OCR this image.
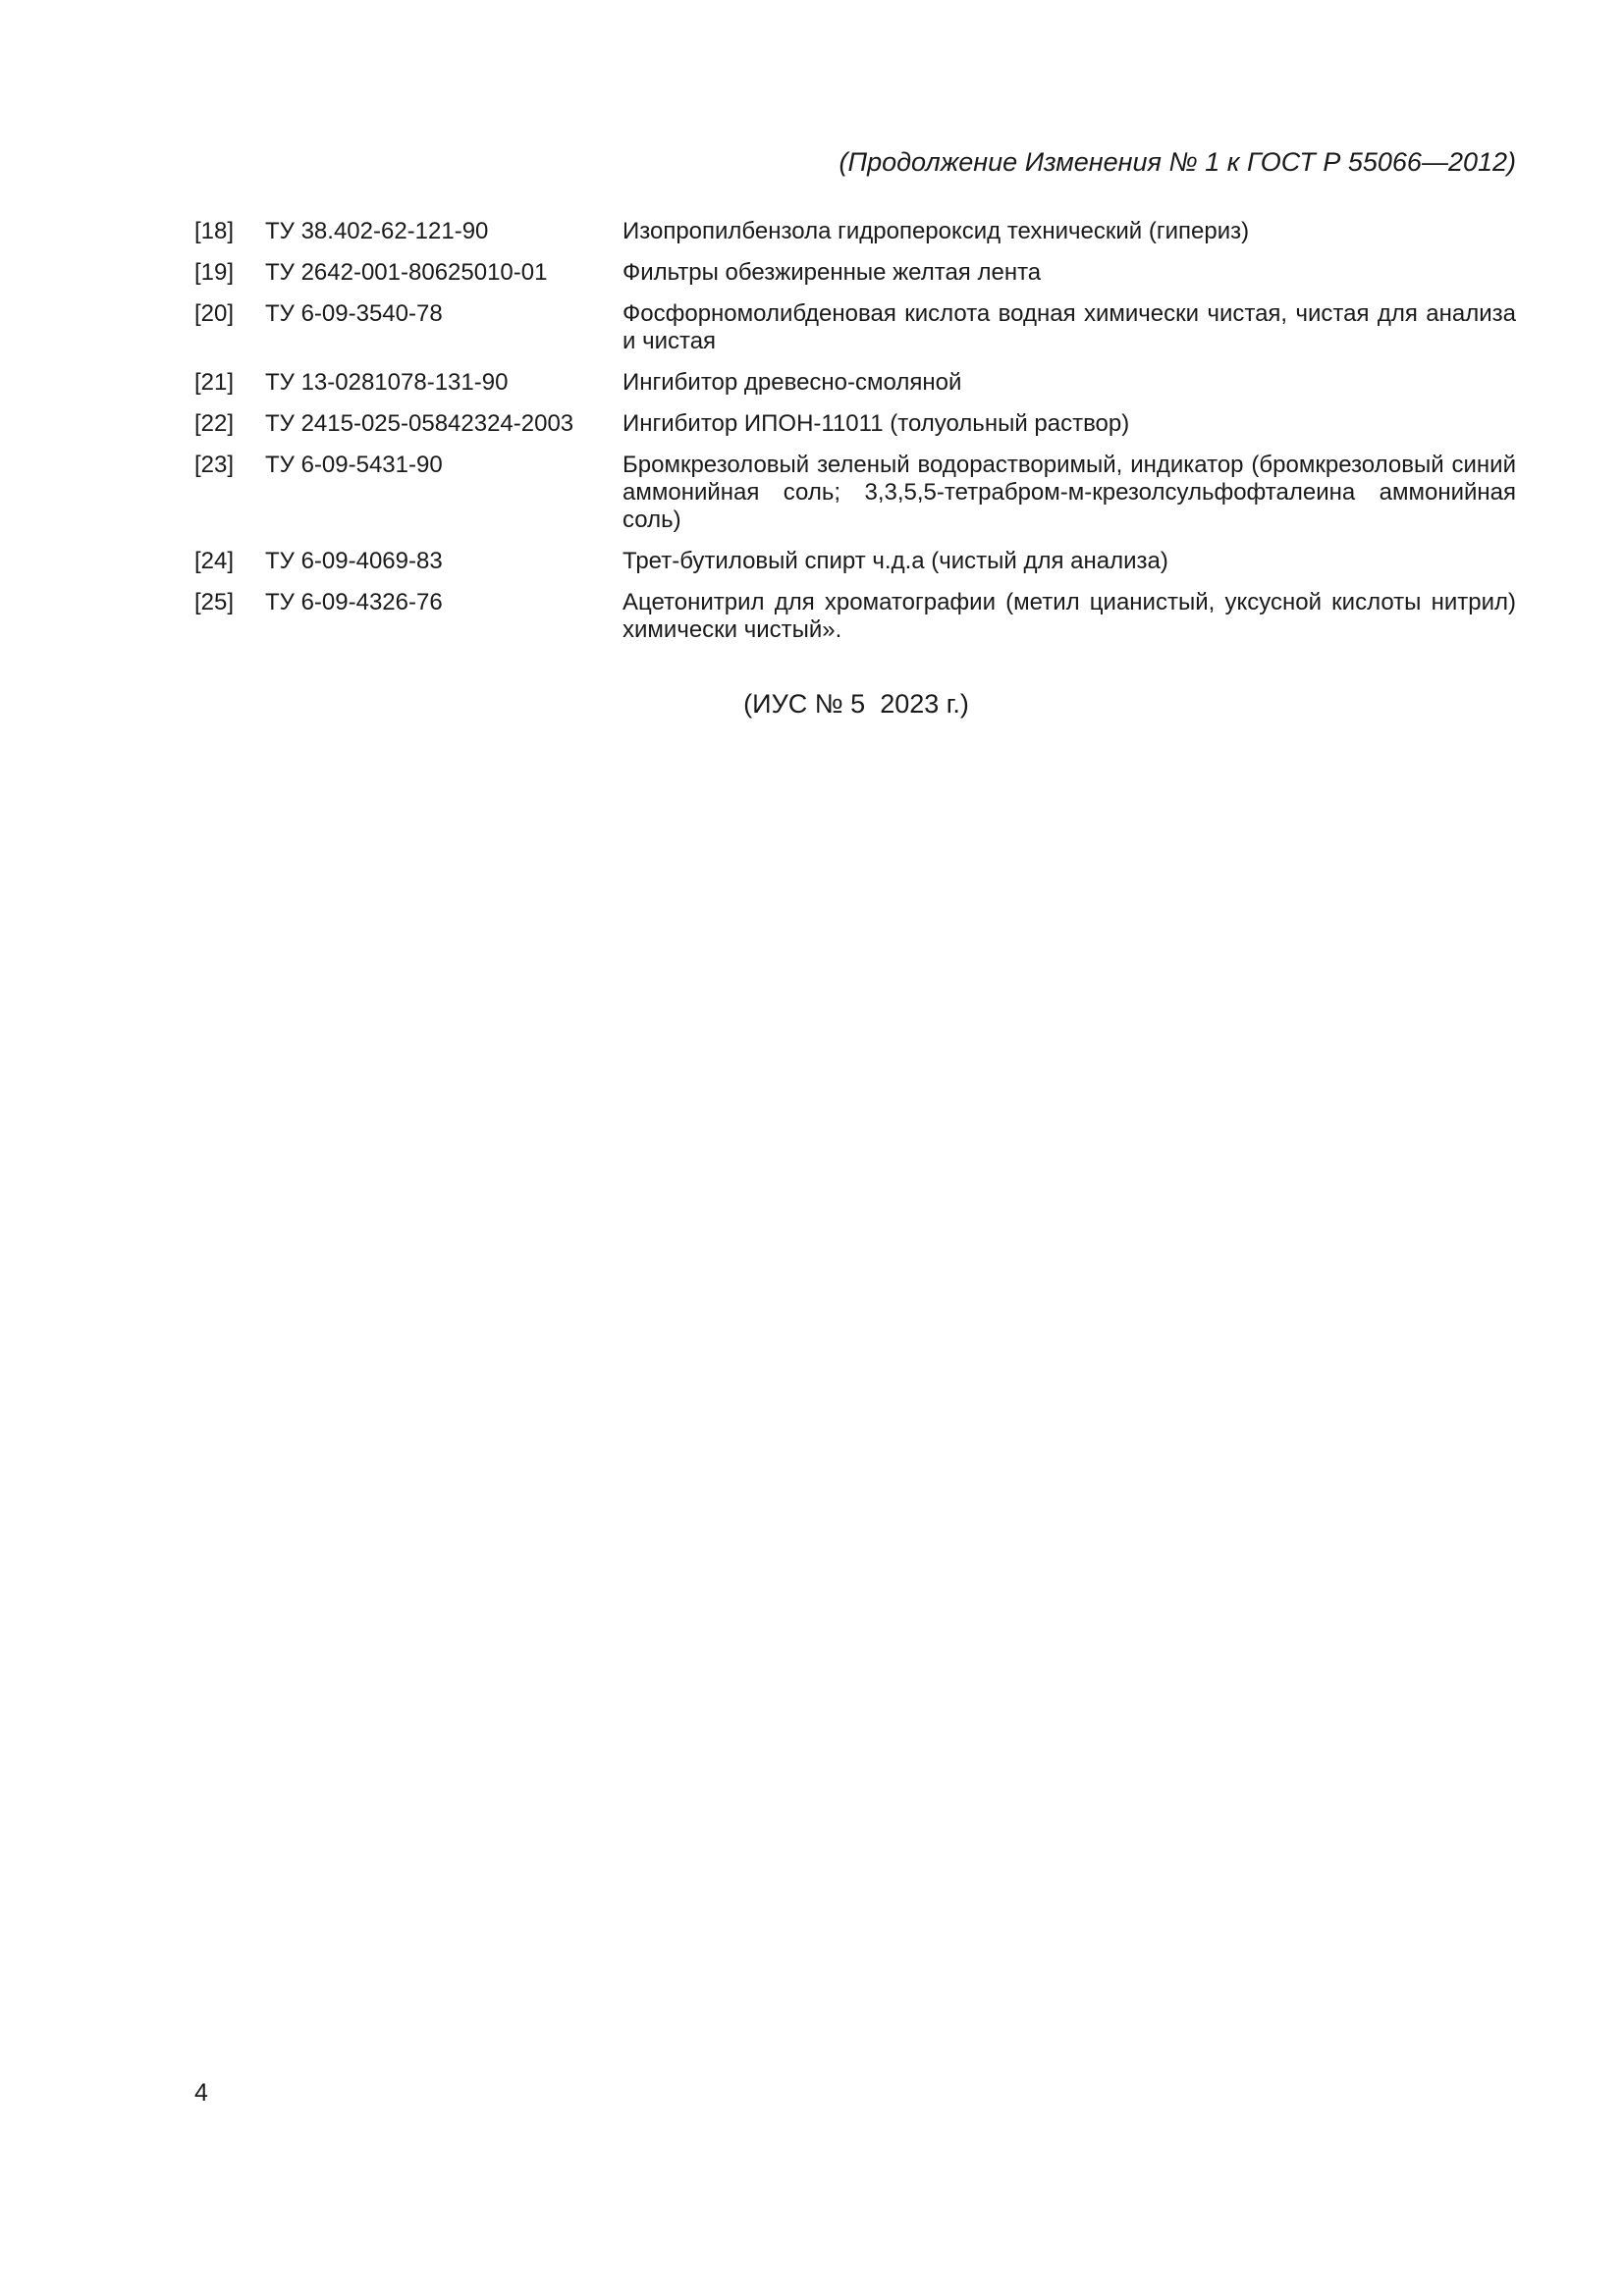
(Продолжение Изменения № 1 к ГОСТ Р 55066—2012)
[18]	ТУ 38.402-62-121-90	Изопропилбензола гидропероксид технический (гипериз)
[19]	ТУ 2642-001-80625010-01	Фильтры обезжиренные желтая лента
[20]	ТУ 6-09-3540-78	Фосфорномолибденовая кислота водная химически чистая, чистая для анализа и чистая
[21]	ТУ 13-0281078-131-90	Ингибитор древесно-смоляной
[22]	ТУ 2415-025-05842324-2003	Ингибитор ИПОН-11011 (толуольный раствор)
[23]	ТУ 6-09-5431-90	Бромкрезоловый зеленый водорастворимый, индикатор (бромкрезоловый синий аммонийная соль; 3,3,5,5-тетрабром-м-крезолсульфофталеина аммонийная соль)
[24]	ТУ 6-09-4069-83	Трет-бутиловый спирт ч.д.а (чистый для анализа)
[25]	ТУ 6-09-4326-76	Ацетонитрил для хроматографии (метил цианистый, уксусной кислоты нитрил) химически чистый».
(ИУС № 5  2023 г.)
4
